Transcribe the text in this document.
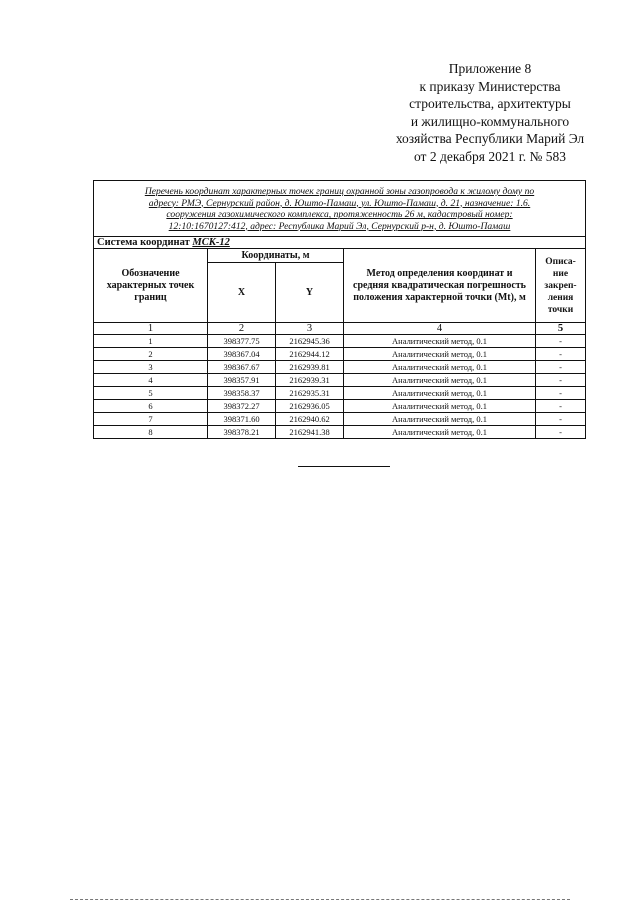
Приложение 8
к приказу Министерства
строительства, архитектуры
и жилищно-коммунального
хозяйства Республики Марий Эл
от 2 декабря 2021 г. № 583
Перечень координат характерных точек границ охранной зоны газопровода к жилому дому по
адресу: РМЭ, Сернурский район, д. Юшто-Памаш, ул. Юшто-Памаш, д. 21, назначение: 1.6.
сооружения газохимического комплекса, протяженность 26 м, кадастровый номер:
12:10:1670127:412, адрес: Республика Марий Эл, Сернурский р-н, д. Юшто-Памаш				

Система координат МСК-12				
Обозначение характерных точек границ	Координаты, м		Метод определения координат и средняя квадратическая погрешность положения характерной точки (Mt), м	Описа-
ние
закреп-
ления
точки

	X	Y		
1	2	3	4	5
1	398377.75	2162945.36	Аналитический метод, 0.1	-
2	398367.04	2162944.12	Аналитический метод, 0.1	-
3	398367.67	2162939.81	Аналитический метод, 0.1	-
4	398357.91	2162939.31	Аналитический метод, 0.1	-
5	398358.37	2162935.31	Аналитический метод, 0.1	-
6	398372.27	2162936.05	Аналитический метод, 0.1	-
7	398371.60	2162940.62	Аналитический метод, 0.1	-
8	398378.21	2162941.38	Аналитический метод, 0.1	-
